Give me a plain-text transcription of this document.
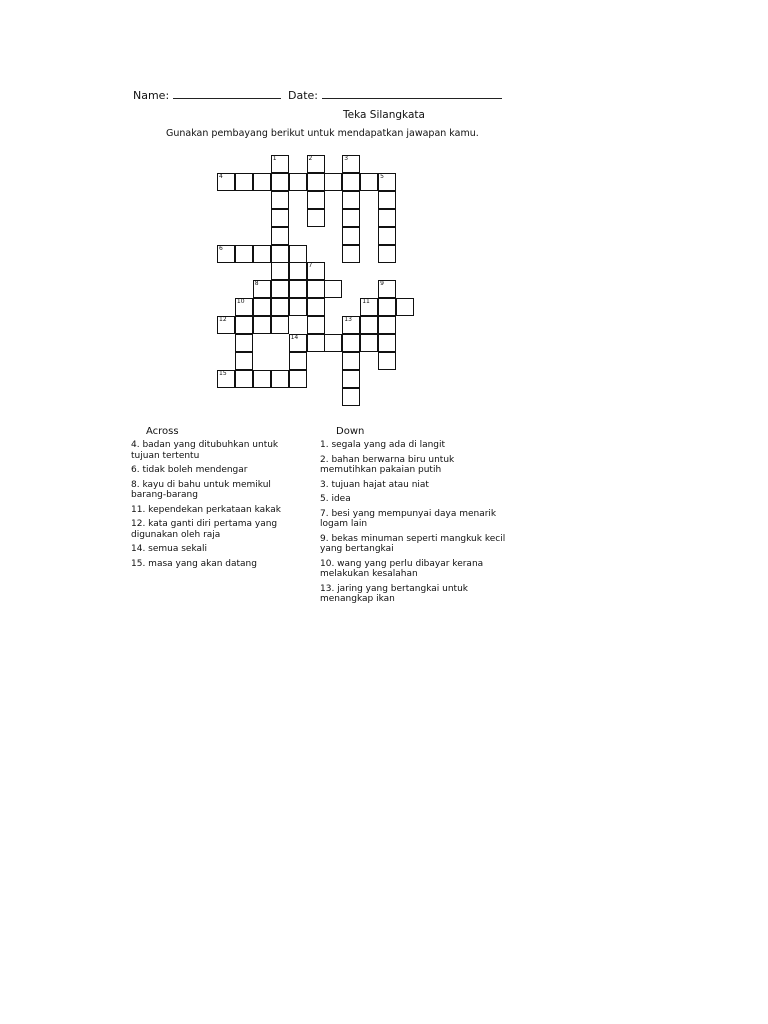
Name:	Date:
Teka Silangkata
Gunakan pembayang berikut untuk mendapatkan jawapan kamu.
1	2	3
4	5
6
7
8	9
10	11
12	13
14
15
Across
4. badan yang ditubuhkan untuk tujuan tertentu
6. tidak boleh mendengar
8. kayu di bahu untuk memikul barang-barang
11. kependekan perkataan kakak
12. kata ganti diri pertama yang digunakan oleh raja
14. semua sekali
15. masa yang akan datang
Down
1. segala yang ada di langit
2. bahan berwarna biru untuk memutihkan pakaian putih
3. tujuan hajat atau niat
5. idea
7. besi yang mempunyai daya menarik logam lain
9. bekas minuman seperti mangkuk kecil yang bertangkai
10. wang yang perlu dibayar kerana melakukan kesalahan
13. jaring yang bertangkai untuk menangkap ikan
